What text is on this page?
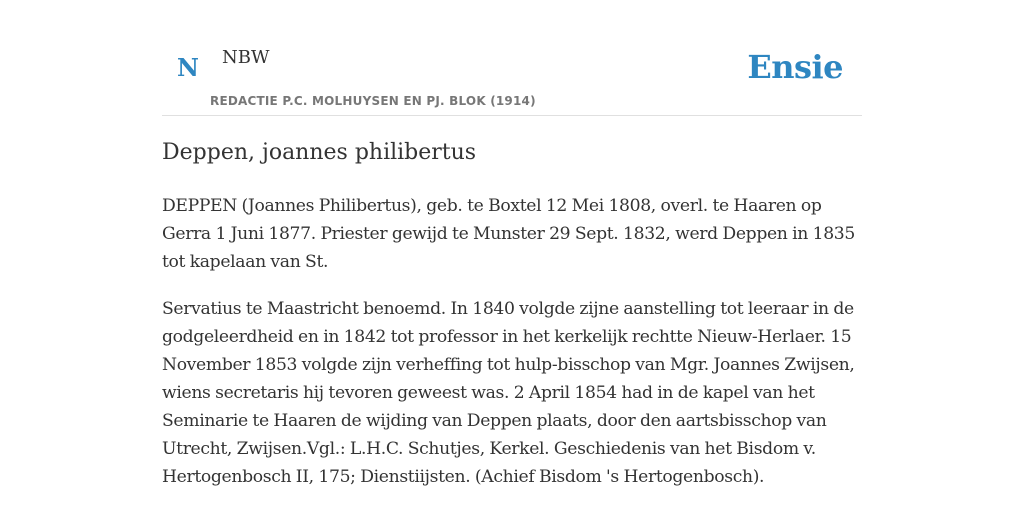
N NBW
REDACTIE P.C. MOLHUYSEN EN PJ. BLOK (1914)
Ensie
Deppen, joannes philibertus

DEPPEN (Joannes Philibertus), geb. te Boxtel 12 Mei 1808, overl. te Haaren op Gerra 1 Juni 1877. Priester gewijd te Munster 29 Sept. 1832, werd Deppen in 1835 tot kapelaan van St.

Servatius te Maastricht benoemd. In 1840 volgde zijne aanstelling tot leeraar in de godgeleerdheid en in 1842 tot professor in het kerkelijk rechtte Nieuw-Herlaer. 15 November 1853 volgde zijn verheffing tot hulp-bisschop van Mgr. Joannes Zwijsen, wiens secretaris hij tevoren geweest was. 2 April 1854 had in de kapel van het Seminarie te Haaren de wijding van Deppen plaats, door den aartsbisschop van Utrecht, Zwijsen.Vgl.: L.H.C. Schutjes, Kerkel. Geschiedenis van het Bisdom v. Hertogenbosch II, 175; Dienstiijsten. (Achief Bisdom 's Hertogenbosch).
